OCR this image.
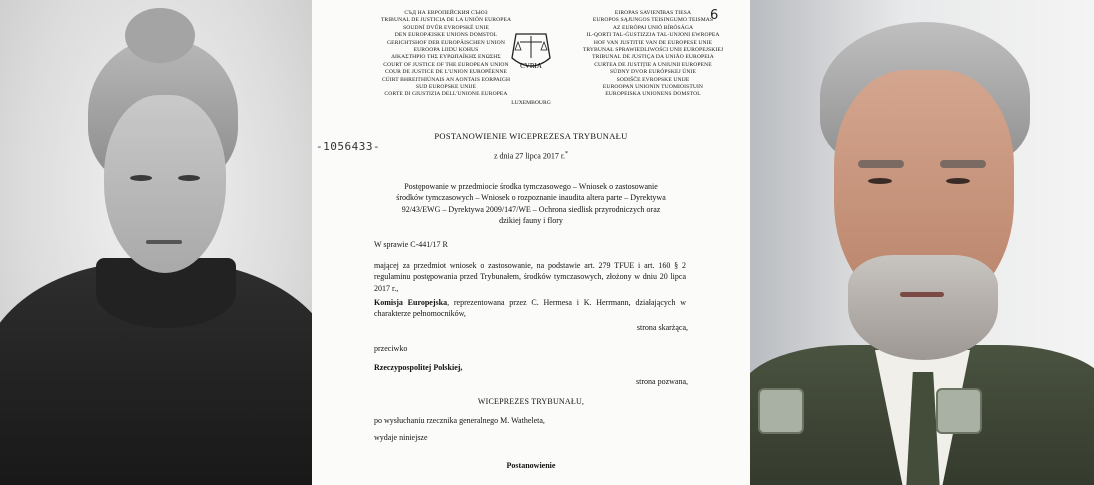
СЪД НА ЕВРОПЕЙСКИЯ СЪЮЗ
TRIBUNAL DE JUSTICIA DE LA UNIÓN EUROPEA
SOUDNÍ DVŮR EVROPSKÉ UNIE
DEN EUROPÆISKE UNIONS DOMSTOL
GERICHTSHOF DER EUROPÄISCHEN UNION
EUROOPA LIIDU KOHUS
ΔΙΚΑΣΤΗΡΙΟ ΤΗΣ ΕΥΡΩΠΑΪΚΗΣ ΕΝΩΣΗΣ
COURT OF JUSTICE OF THE EUROPEAN UNION
COUR DE JUSTICE DE L'UNION EUROPÉENNE
CÚIRT BHREITHIÚNAIS AN AONTAIS EORPAIGH
SUD EUROPSKE UNIJE
CORTE DI GIUSTIZIA DELL'UNIONE EUROPEA
CVRIA
LUXEMBOURG
EIROPAS SAVIENĪBAS TIESA
EUROPOS SĄJUNGOS TEISINGUMO TEISMAS
AZ EURÓPAI UNIÓ BÍRÓSÁGA
IL-QORTI TAL-ĠUSTIZZJA TAL-UNJONI EWROPEA
HOF VAN JUSTITIE VAN DE EUROPESE UNIE
TRYBUNAŁ SPRAWIEDLIWOŚCI UNII EUROPEJSKIEJ
TRIBUNAL DE JUSTIÇA DA UNIÃO EUROPEIA
CURTEA DE JUSTIȚIE A UNIUNII EUROPENE
SÚDNY DVOR EURÓPSKEJ ÚNIE
SODIŠČE EVROPSKE UNIJE
EUROOPAN UNIONIN TUOMIOISTUIN
EUROPEISKA UNIONENS DOMSTOL
6
-1056433-
POSTANOWIENIE WICEPREZESA TRYBUNAŁU
z dnia 27 lipca 2017 r.*
Postępowanie w przedmiocie środka tymczasowego – Wniosek o zastosowanie środków tymczasowych – Wniosek o rozpoznanie inaudita altera parte – Dyrektywa 92/43/EWG – Dyrektywa 2009/147/WE – Ochrona siedlisk przyrodniczych oraz dzikiej fauny i flory
W sprawie C-441/17 R
mającej za przedmiot wniosek o zastosowanie, na podstawie art. 279 TFUE i art. 160 § 2 regulaminu postępowania przed Trybunałem, środków tymczasowych, złożony w dniu 20 lipca 2017 r.,
Komisja Europejska, reprezentowana przez C. Hermesa i K. Herrmann, działających w charakterze pełnomocników,
strona skarżąca,
przeciwko
Rzeczypospolitej Polskiej,
strona pozwana,
WICEPREZES TRYBUNAŁU,
po wysłuchaniu rzecznika generalnego M. Watheleta,
wydaje niniejsze
Postanowienie
